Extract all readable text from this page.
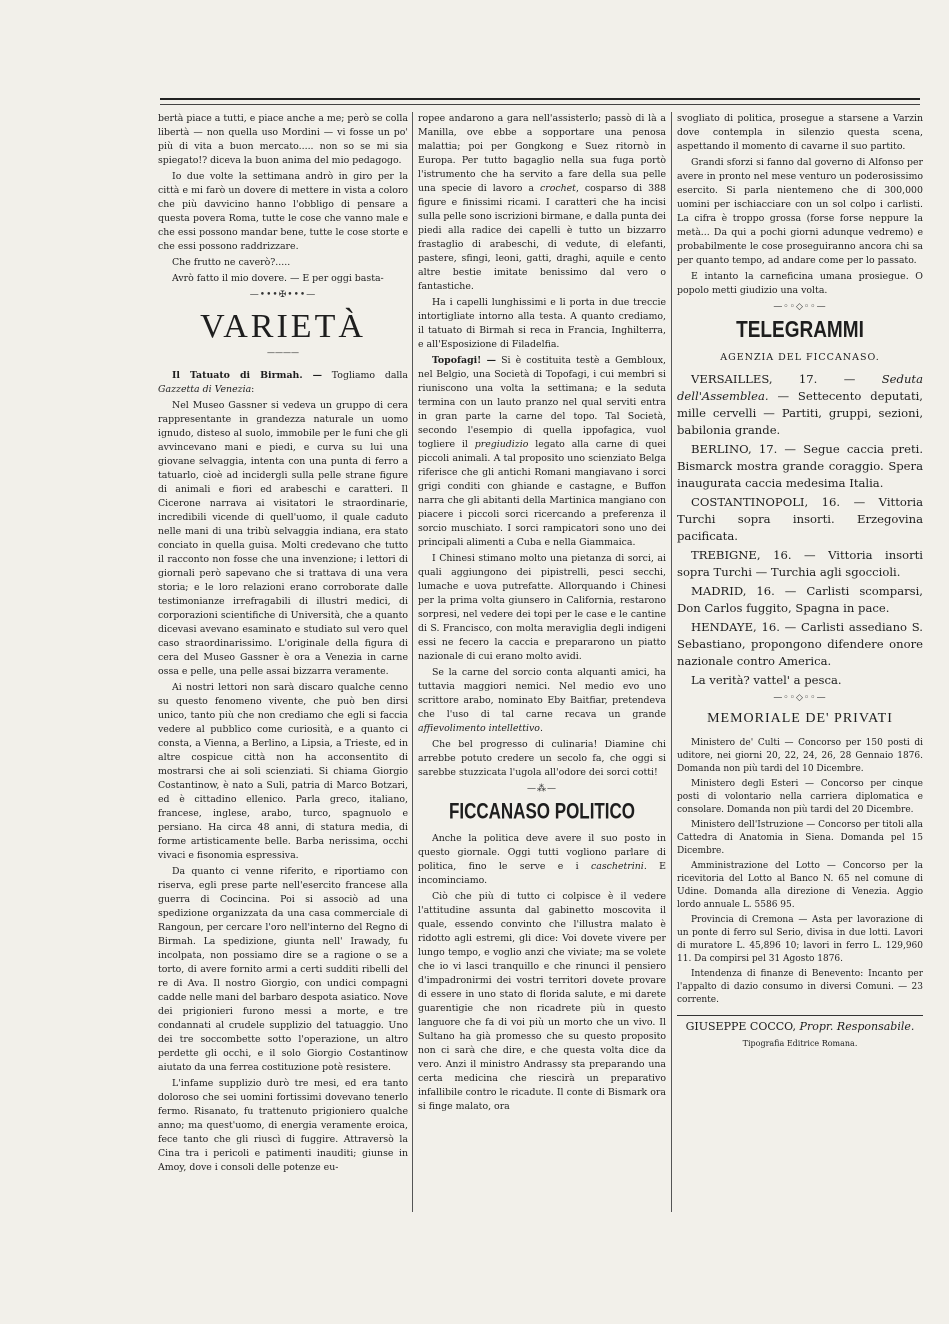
bertà piace a tutti, e piace anche a me; però se colla libertà — non quella uso Mordini — vi fosse un po' più di vita a buon mercato..... non so se mi sia spiegato!? diceva la buon anima del mio pedagogo.

Io due volte la settimana andrò in giro per la città e mi farò un dovere di mettere in vista a coloro che più davvicino hanno l'obbligo di pensare a questa povera Roma, tutte le cose che vanno male e che essi possono mandar bene, tutte le cose storte e che essi possono raddrizzare.

Che frutto ne caverò?.....

Avrò fatto il mio dovere. — E per oggi basta-

—•••✠•••—
VARIETÀ
————

Il Tatuato di Birmah. — Togliamo dalla Gazzetta di Venezia:

Nel Museo Gassner si vedeva un gruppo di cera rappresentante in grandezza naturale un uomo ignudo, disteso al suolo, immobile per le funi che gli avvincevano mani e piedi, e curva su lui una giovane selvaggia, intenta con una punta di ferro a tatuarlo, cioè ad incidergli sulla pelle strane figure di animali e fiori ed arabeschi e caratteri. Il Cicerone narrava ai visitatori le straordinarie, incredibili vicende di quell'uomo, il quale caduto nelle mani di una tribù selvaggia indiana, era stato conciato in quella guisa. Molti credevano che tutto il racconto non fosse che una invenzione; i lettori di giornali però sapevano che si trattava di una vera storia; e le loro relazioni erano corroborate dalle testimonianze irrefragabili di illustri medici, di corporazioni scientifiche di Università, che a quanto dicevasi avevano esaminato e studiato sul vero quel caso straordinarissimo. L'originale della figura di cera del Museo Gassner è ora a Venezia in carne ossa e pelle, una pelle assai bizzarra veramente.

Ai nostri lettori non sarà discaro qualche cenno su questo fenomeno vivente, che può ben dirsi unico, tanto più che non crediamo che egli si faccia vedere al pubblico come curiosità, e a quanto ci consta, a Vienna, a Berlino, a Lipsia, a Trieste, ed in altre cospicue città non ha acconsentito di mostrarsi che ai soli scienziati. Si chiama Giorgio Costantinow, è nato a Suli, patria di Marco Botzari, ed è cittadino ellenico. Parla greco, italiano, francese, inglese, arabo, turco, spagnuolo e persiano. Ha circa 48 anni, di statura media, di forme artisticamente belle. Barba nerissima, occhi vivaci e fisonomia espressiva.

Da quanto ci venne riferito, e riportiamo con riserva, egli prese parte nell'esercito francese alla guerra di Cocincina. Poi si associò ad una spedizione organizzata da una casa commerciale di Rangoun, per cercare l'oro nell'interno del Regno di Birmah. La spedizione, giunta nell' Irawady, fu incolpata, non possiamo dire se a ragione o se a torto, di avere fornito armi a certi sudditi ribelli del re di Ava. Il nostro Giorgio, con undici compagni cadde nelle mani del barbaro despota asiatico. Nove dei prigionieri furono messi a morte, e tre condannati al crudele supplizio del tatuaggio. Uno dei tre soccombette sotto l'operazione, un altro perdette gli occhi, e il solo Giorgio Costantinow aiutato da una ferrea costituzione potè resistere.

L'infame supplizio durò tre mesi, ed era tanto doloroso che sei uomini fortissimi dovevano tenerlo fermo. Risanato, fu trattenuto prigioniero qualche anno; ma quest'uomo, di energia veramente eroica, fece tanto che gli riuscì di fuggire. Attraversò la Cina tra i pericoli e patimenti inauditi; giunse in Amoy, dove i consoli delle potenze eu-

ropee andarono a gara nell'assisterlo; passò di là a Manilla, ove ebbe a sopportare una penosa malattia; poi per Gongkong e Suez ritornò in Europa. Per tutto bagaglio nella sua fuga portò l'istrumento che ha servito a fare della sua pelle una specie di lavoro a crochet, cosparso di 388 figure e finissimi ricami. I caratteri che ha incisi sulla pelle sono iscrizioni birmane, e dalla punta dei piedi alla radice dei capelli è tutto un bizzarro frastaglio di arabeschi, di vedute, di elefanti, pastere, sfingi, leoni, gatti, draghi, aquile e cento altre bestie imitate benissimo dal vero o fantastiche.

Ha i capelli lunghissimi e li porta in due treccie intortigliate intorno alla testa. A quanto crediamo, il tatuato di Birmah si reca in Francia, Inghilterra, e all'Esposizione di Filadelfia.

Topofagi! — Si è costituita testè a Gembloux, nel Belgio, una Società di Topofagi, i cui membri si riuniscono una volta la settimana; e la seduta termina con un lauto pranzo nel qual serviti entra in gran parte la carne del topo. Tal Società, secondo l'esempio di quella ippofagica, vuol togliere il pregiudizio legato alla carne di quei piccoli animali. A tal proposito uno scienziato Belga riferisce che gli antichi Romani mangiavano i sorci grigi conditi con ghiande e castagne, e Buffon narra che gli abitanti della Martinica mangiano con piacere i piccoli sorci ricercando a preferenza il sorcio muschiato. I sorci rampicatori sono uno dei principali alimenti a Cuba e nella Giammaica.

I Chinesi stimano molto una pietanza di sorci, ai quali aggiungono dei pipistrelli, pesci secchi, lumache e uova putrefatte. Allorquando i Chinesi per la prima volta giunsero in California, restarono sorpresi, nel vedere dei topi per le case e le cantine di S. Francisco, con molta meraviglia degli indigeni essi ne fecero la caccia e prepararono un piatto nazionale di cui erano molto avidi.

Se la carne del sorcio conta alquanti amici, ha tuttavia maggiori nemici. Nel medio evo uno scrittore arabo, nominato Eby Baitfiar, pretendeva che l'uso di tal carne recava un grande affievolimento intellettivo.

Che bel progresso di culinaria! Diamine chi arrebbe potuto credere un secolo fa, che oggi si sarebbe stuzzicata l'ugola all'odore dei sorci cotti!

—⁂—
FICCANASO POLITICO

Anche la politica deve avere il suo posto in questo giornale. Oggi tutti vogliono parlare di politica, fino le serve e i caschetrini. E incominciamo.

Ciò che più di tutto ci colpisce è il vedere l'attitudine assunta dal gabinetto moscovita il quale, essendo convinto che l'illustra malato è ridotto agli estremi, gli dice: Voi dovete vivere per lungo tempo, e voglio anzi che viviate; ma se volete che io vi lasci tranquillo e che rinunci il pensiero d'impadronirmi dei vostri territori dovete provare di essere in uno stato di florida salute, e mi darete guarentigie che non ricadrete più in questo languore che fa di voi più un morto che un vivo. Il Sultano ha già promesso che su questo proposito non ci sarà che dire, e che questa volta dice da vero. Anzi il ministro Andrassy sta preparando una certa medicina che riescirà un preparativo infallibile contro le ricadute. Il conte di Bismark ora si finge malato, ora

svogliato di politica, prosegue a starsene a Varzin dove contempla in silenzio questa scena, aspettando il momento di cavarne il suo partito.

Grandi sforzi si fanno dal governo di Alfonso per avere in pronto nel mese venturo un poderosissimo esercito. Si parla nientemeno che di 300,000 uomini per ischiacciare con un sol colpo i carlisti. La cifra è troppo grossa (forse forse neppure la metà... Da qui a pochi giorni adunque vedremo) e probabilmente le cose proseguiranno ancora chi sa per quanto tempo, ad andare come per lo passato.

E intanto la carneficina umana prosiegue. O popolo metti giudizio una volta.

—◦◦◇◦◦—
TELEGRAMMI
AGENZIA DEL FICCANASO.

VERSAILLES, 17. — Seduta dell'Assemblea. — Settecento deputati, mille cervelli — Partiti, gruppi, sezioni, babilonia grande.

BERLINO, 17. — Segue caccia preti. Bismarck mostra grande coraggio. Spera inaugurata caccia medesima Italia.

COSTANTINOPOLI, 16. — Vittoria Turchi sopra insorti. Erzegovina pacificata.

TREBIGNE, 16. — Vittoria insorti sopra Turchi — Turchia agli sgoccioli.

MADRID, 16. — Carlisti scomparsi, Don Carlos fuggito, Spagna in pace.

HENDAYE, 16. — Carlisti assediano S. Sebastiano, propongono difendere onore nazionale contro America.

La verità? vattel' a pesca.

—◦◦◇◦◦—
MEMORIALE DE' PRIVATI

Ministero de' Culti — Concorso per 150 posti di uditore, nei giorni 20, 22, 24, 26, 28 Gennaio 1876. Domanda non più tardi del 10 Dicembre.

Ministero degli Esteri — Concorso per cinque posti di volontario nella carriera diplomatica e consolare. Domanda non più tardi del 20 Dicembre.

Ministero dell'Istruzione — Concorso per titoli alla Cattedra di Anatomia in Siena. Domanda pel 15 Dicembre.

Amministrazione del Lotto — Concorso per la ricevitoria del Lotto al Banco N. 65 nel comune di Udine. Domanda alla direzione di Venezia. Aggio lordo annuale L. 5586 95.

Provincia di Cremona — Asta per lavorazione di un ponte di ferro sul Serio, divisa in due lotti. Lavori di muratore L. 45,896 10; lavori in ferro L. 129,960 11. Da compirsi pel 31 Agosto 1876.

Intendenza di finanze di Benevento: Incanto per l'appalto di dazio consumo in diversi Comuni. — 23 corrente.

GIUSEPPE COCCO, Propr. Responsabile.
Tipografia Editrice Romana.
